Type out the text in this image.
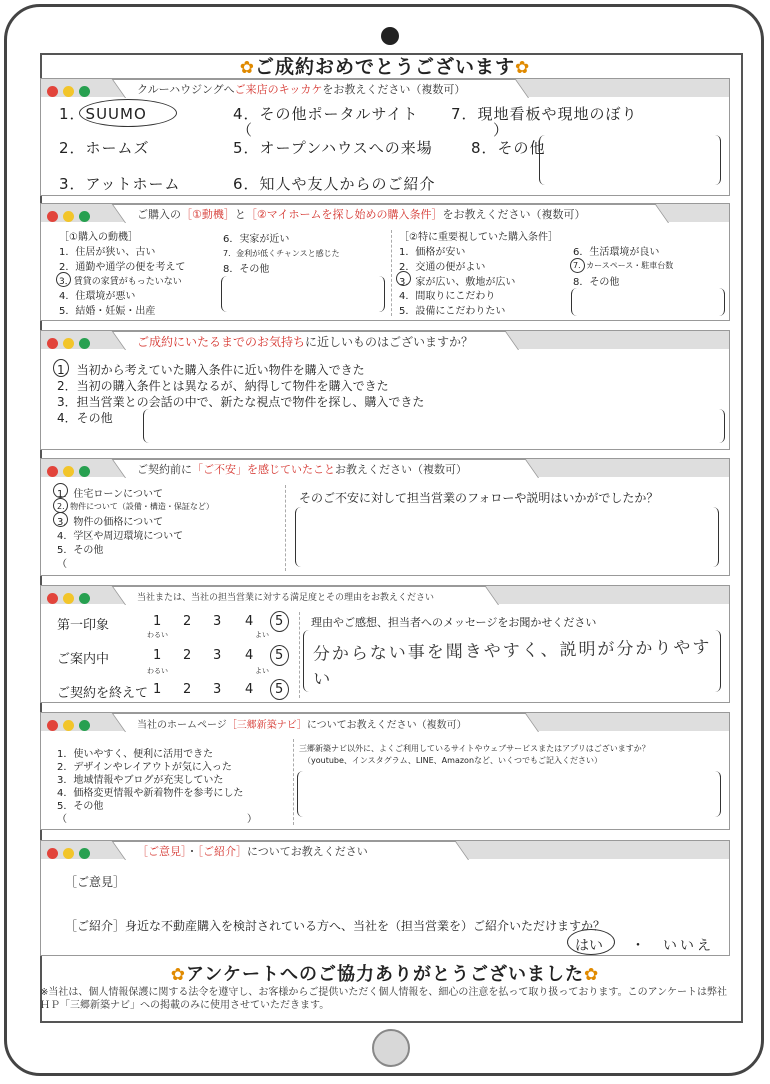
✿ご成約おめでとうございます✿
クルーハウジングへご来店のキッカケをお教えください（複数可）
1．SUUMO
2．ホームズ
3．アットホーム
4．その他ポータルサイト
（　　　　　　　　　　　　　　　）
5．オープンハウスへの来場
6．知人や友人からのご紹介
7．現地看板や現地のぼり
8．その他
ご購入の［①動機］と［②マイホームを探し始めの購入条件］をお教えください（複数可）
［①購入の動機］
1．住居が狭い、古い
2．通勤や通学の便を考えて
3．賃貸の家賃がもったいない
4．住環境が悪い
5．結婚・妊娠・出産
6．実家が近い
7．金利が低くチャンスと感じた
8．その他
［②特に重要視していた購入条件］
1．価格が安い
2．交通の便がよい
3．家が広い、敷地が広い
4．間取りにこだわり
5．設備にこだわりたい
6．生活環境が良い
7．カースペース・駐車台数
8．その他
ご成約にいたるまでのお気持ちに近しいものはございますか？
1．当初から考えていた購入条件に近い物件を購入できた
2．当初の購入条件とは異なるが、納得して物件を購入できた
3．担当営業との会話の中で、新たな視点で物件を探し、購入できた
4．その他
ご契約前に「ご不安」を感じていたことお教えください（複数可）
1．住宅ローンについて
2．物件について（設備・構造・保証など）
3．物件の価格について
4．学区や周辺環境について
5．その他
（
そのご不安に対して担当営業のフォローや説明はいかがでしたか？
当社または、当社の担当営業に対する満足度とその理由をお教えください
第一印象	1 2 3 4 5
わるい	よい
ご案内中	1 2 3 4 5
わるい	よい
ご契約を終えて 1 2 3 4 5
理由やご感想、担当者へのメッセージをお聞かせください
分からない事を聞きやすく、説明が分かりやすい
当社のホームページ［三郷新築ナビ］についてお教えください（複数可）
1．使いやすく、便利に活用できた
2．デザインやレイアウトが気に入った
3．地域情報やブログが充実していた
4．価格変更情報や新着物件を参考にした
5．その他
（　　　　　　　　　　　　　　　　　　）
三郷新築ナビ以外に、よくご利用しているサイトやウェブサービスまたはアプリはございますか？
（youtube、インスタグラム、LINE、Amazonなど、いくつでもご記入ください）
［ご意見］・［ご紹介］についてお教えください
［ご意見］
［ご紹介］身近な不動産購入を検討されている方へ、当社を（担当営業を）ご紹介いただけますか？
はい ・ いいえ
✿アンケートへのご協力ありがとうございました✿
※当社は、個人情報保護に関する法令を遵守し、お客様からご提供いただく個人情報を、細心の注意を払って取り扱っております。このアンケートは弊社ＨＰ「三郷新築ナビ」への掲載のみに使用させていただきます。
